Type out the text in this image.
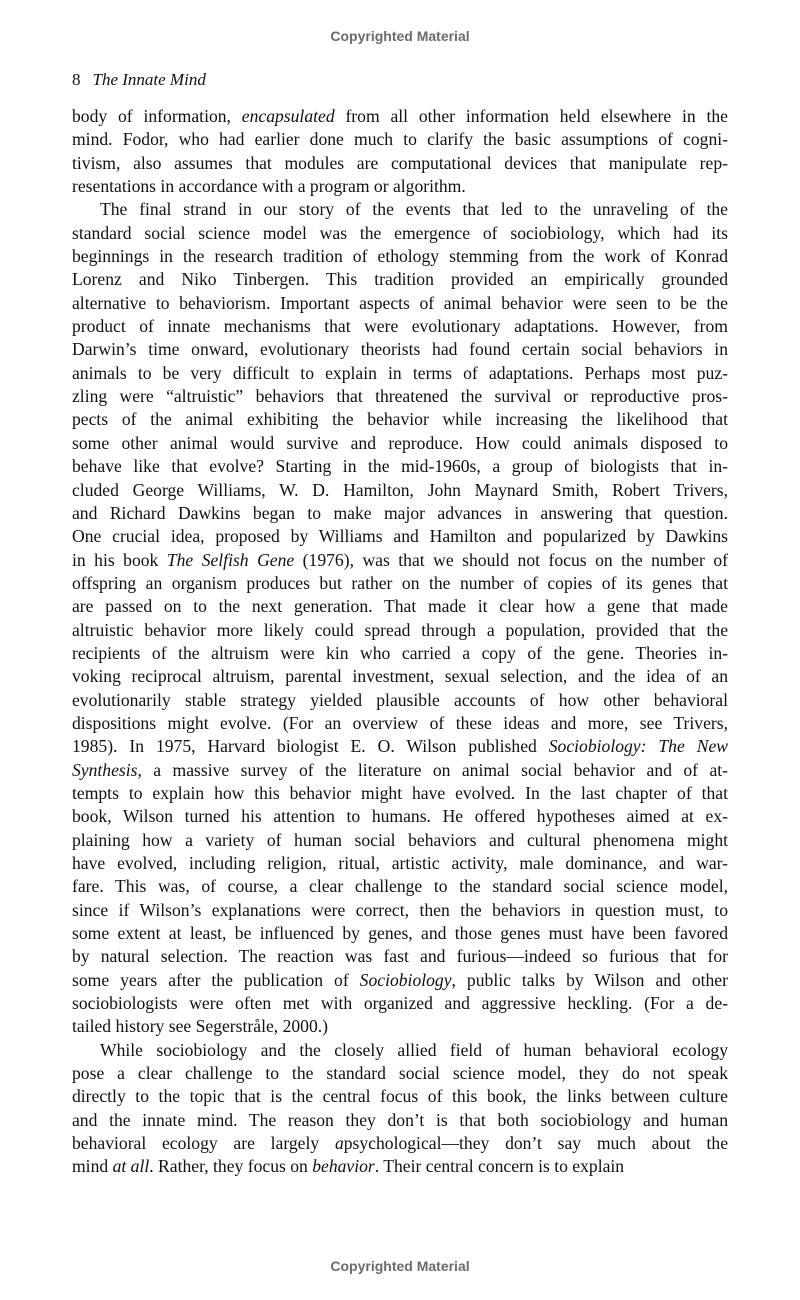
Copyrighted Material
8 The Innate Mind

body of information, encapsulated from all other information held elsewhere in the
mind. Fodor, who had earlier done much to clarify the basic assumptions of cogni-
tivism, also assumes that modules are computational devices that manipulate rep-
resentations in accordance with a program or algorithm.

The final strand in our story of the events that led to the unraveling of the
standard social science model was the emergence of sociobiology, which had its
beginnings in the research tradition of ethology stemming from the work of Konrad
Lorenz and Niko Tinbergen. This tradition provided an empirically grounded
alternative to behaviorism. Important aspects of animal behavior were seen to be the
product of innate mechanisms that were evolutionary adaptations. However, from
Darwin’s time onward, evolutionary theorists had found certain social behaviors in
animals to be very difficult to explain in terms of adaptations. Perhaps most puz-
zling were “altruistic” behaviors that threatened the survival or reproductive pros-
pects of the animal exhibiting the behavior while increasing the likelihood that
some other animal would survive and reproduce. How could animals disposed to
behave like that evolve? Starting in the mid-1960s, a group of biologists that in-
cluded George Williams, W. D. Hamilton, John Maynard Smith, Robert Trivers,
and Richard Dawkins began to make major advances in answering that question.
One crucial idea, proposed by Williams and Hamilton and popularized by Dawkins
in his book The Selfish Gene (1976), was that we should not focus on the number of
offspring an organism produces but rather on the number of copies of its genes that
are passed on to the next generation. That made it clear how a gene that made
altruistic behavior more likely could spread through a population, provided that the
recipients of the altruism were kin who carried a copy of the gene. Theories in-
voking reciprocal altruism, parental investment, sexual selection, and the idea of an
evolutionarily stable strategy yielded plausible accounts of how other behavioral
dispositions might evolve. (For an overview of these ideas and more, see Trivers,
1985). In 1975, Harvard biologist E. O. Wilson published Sociobiology: The New
Synthesis, a massive survey of the literature on animal social behavior and of at-
tempts to explain how this behavior might have evolved. In the last chapter of that
book, Wilson turned his attention to humans. He offered hypotheses aimed at ex-
plaining how a variety of human social behaviors and cultural phenomena might
have evolved, including religion, ritual, artistic activity, male dominance, and war-
fare. This was, of course, a clear challenge to the standard social science model,
since if Wilson’s explanations were correct, then the behaviors in question must, to
some extent at least, be influenced by genes, and those genes must have been favored
by natural selection. The reaction was fast and furious—indeed so furious that for
some years after the publication of Sociobiology, public talks by Wilson and other
sociobiologists were often met with organized and aggressive heckling. (For a de-
tailed history see Segerstråle, 2000.)

While sociobiology and the closely allied field of human behavioral ecology
pose a clear challenge to the standard social science model, they do not speak
directly to the topic that is the central focus of this book, the links between culture
and the innate mind. The reason they don’t is that both sociobiology and human
behavioral ecology are largely apsychological—they don’t say much about the
mind at all. Rather, they focus on behavior. Their central concern is to explain

Copyrighted Material
